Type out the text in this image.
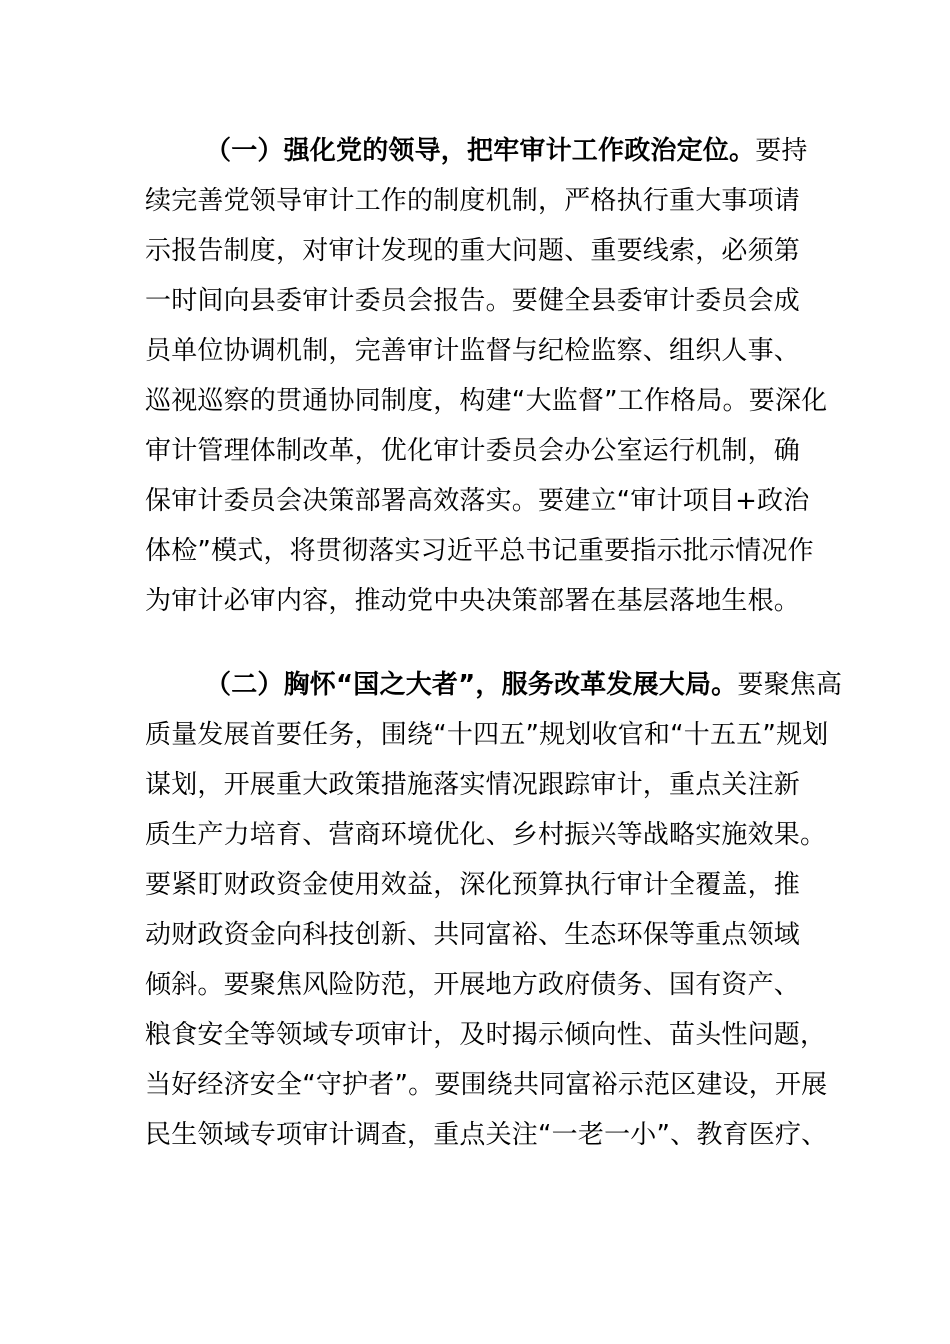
（一）强化党的领导，把牢审计工作政治定位。要持
续完善党领导审计工作的制度机制，严格执行重大事项请
示报告制度，对审计发现的重大问题、重要线索，必须第
一时间向县委审计委员会报告。要健全县委审计委员会成
员单位协调机制，完善审计监督与纪检监察、组织人事、
巡视巡察的贯通协同制度，构建“大监督”工作格局。要深化
审计管理体制改革，优化审计委员会办公室运行机制，确
保审计委员会决策部署高效落实。要建立“审计项目+政治
体检”模式，将贯彻落实习近平总书记重要指示批示情况作
为审计必审内容，推动党中央决策部署在基层落地生根。
（二）胸怀“国之大者”，服务改革发展大局。要聚焦高
质量发展首要任务，围绕“十四五”规划收官和“十五五”规划
谋划，开展重大政策措施落实情况跟踪审计，重点关注新
质生产力培育、营商环境优化、乡村振兴等战略实施效果。
要紧盯财政资金使用效益，深化预算执行审计全覆盖，推
动财政资金向科技创新、共同富裕、生态环保等重点领域
倾斜。要聚焦风险防范，开展地方政府债务、国有资产、
粮食安全等领域专项审计，及时揭示倾向性、苗头性问题，
当好经济安全“守护者”。要围绕共同富裕示范区建设，开展
民生领域专项审计调查，重点关注“一老一小”、教育医疗、
